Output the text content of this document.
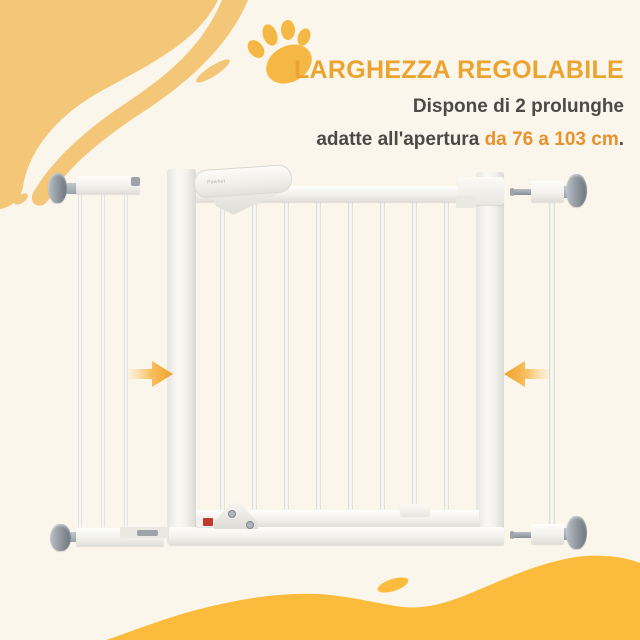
LARGHEZZA REGOLABILE
Dispone di 2 prolunghe
adatte all'apertura da 76 a 103 cm.
Pawhut
